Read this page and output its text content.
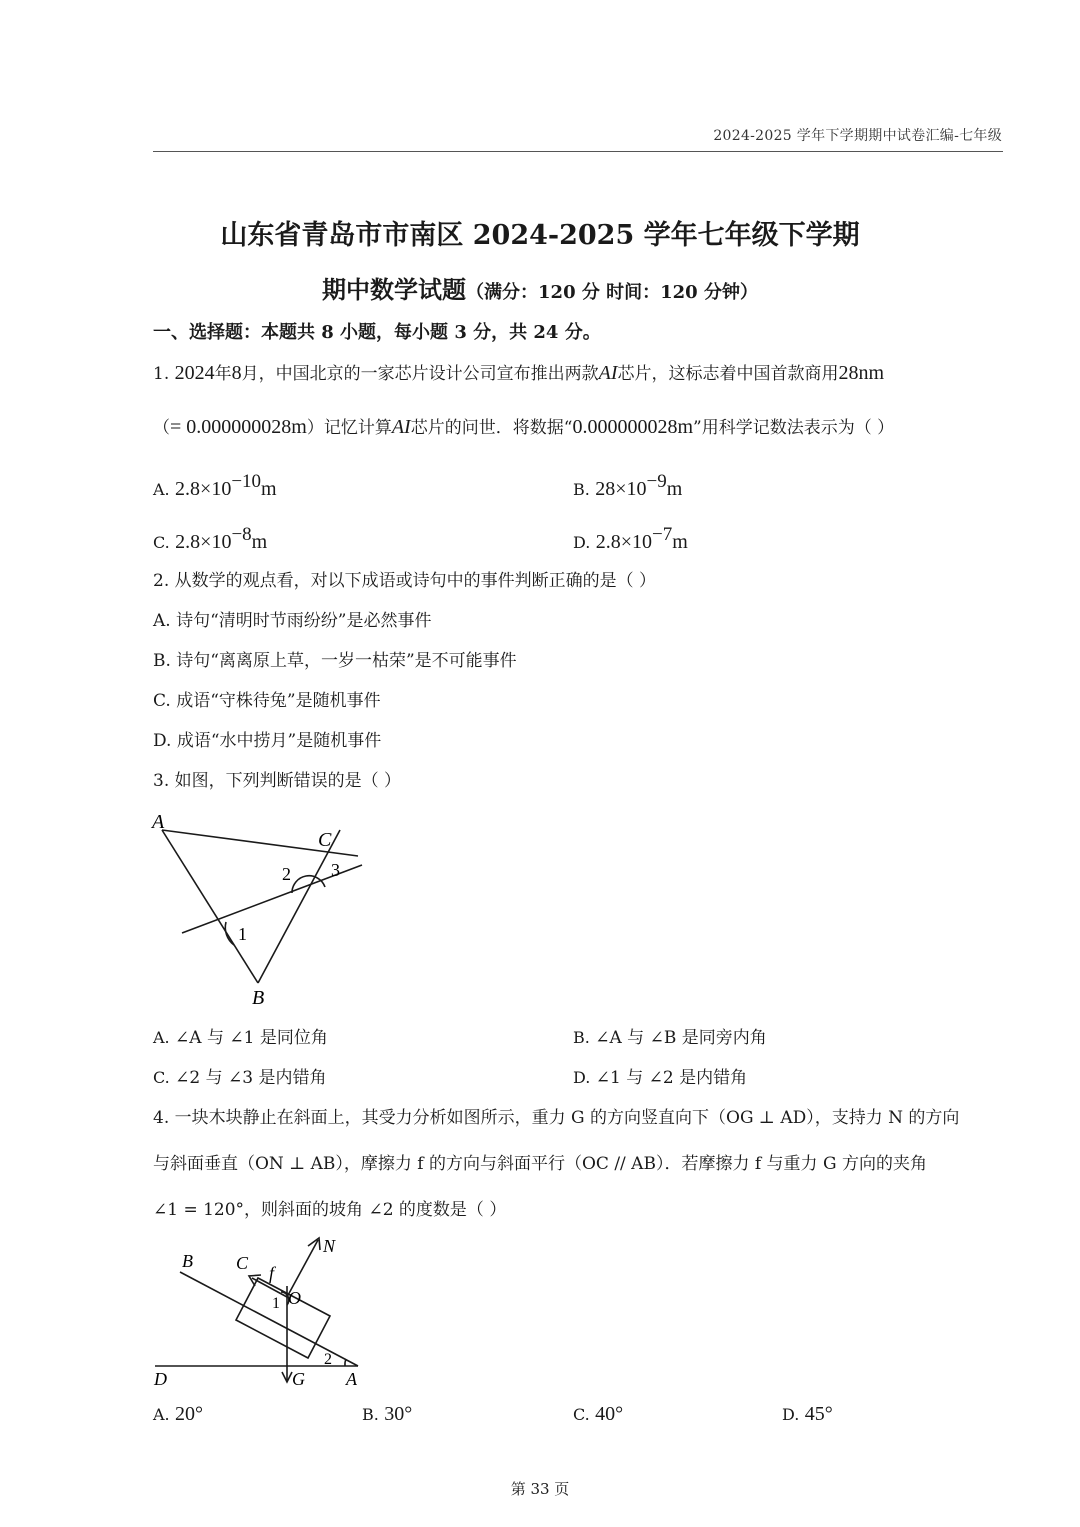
2024-2025 学年下学期期中试卷汇编-七年级
山东省青岛市市南区 2024-2025 学年七年级下学期
期中数学试题（满分：120 分 时间：120 分钟）
一、选择题：本题共 8 小题，每小题 3 分，共 24 分。
1. 2024年8月，中国北京的一家芯片设计公司宣布推出两款AI芯片，这标志着中国首款商用28nm
（= 0.000000028m）记忆计算AI芯片的问世．将数据“0.000000028m”用科学记数法表示为（ ）
A. $2.8\times 10^{-10}m$	B. $28\times 10^{-9}m$
C. $2.8\times 10^{-8}m$	D. $2.8\times 10^{-7}m$
2. 从数学的观点看，对以下成语或诗句中的事件判断正确的是（ ）
A. 诗句“清明时节雨纷纷”是必然事件
B. 诗句“离离原上草，一岁一枯荣”是不可能事件
C. 成语“守株待兔”是随机事件
D. 成语“水中捞月”是随机事件
3. 如图，下列判断错误的是（ ）
A
B
C
1
2 3
A. ∠A 与 ∠1 是同位角	B. ∠A 与 ∠B 是同旁内角
C. ∠2 与 ∠3 是内错角	D. ∠1 与 ∠2 是内错角
4. 一块木块静止在斜面上，其受力分析如图所示，重力 G 的方向竖直向下（OG ⊥ AD），支持力 N 的方向
与斜面垂直（ON ⊥ AB），摩擦力 f 的方向与斜面平行（OC // AB）．若摩擦力 f 与重力 G 方向的夹角
∠1 = 120°，则斜面的坡角 ∠2 的度数是（ ）
B C f
N
O
1
2
D	G A
A. 20°	B. 30°	C. 40°	D. 45°
第 33 页
